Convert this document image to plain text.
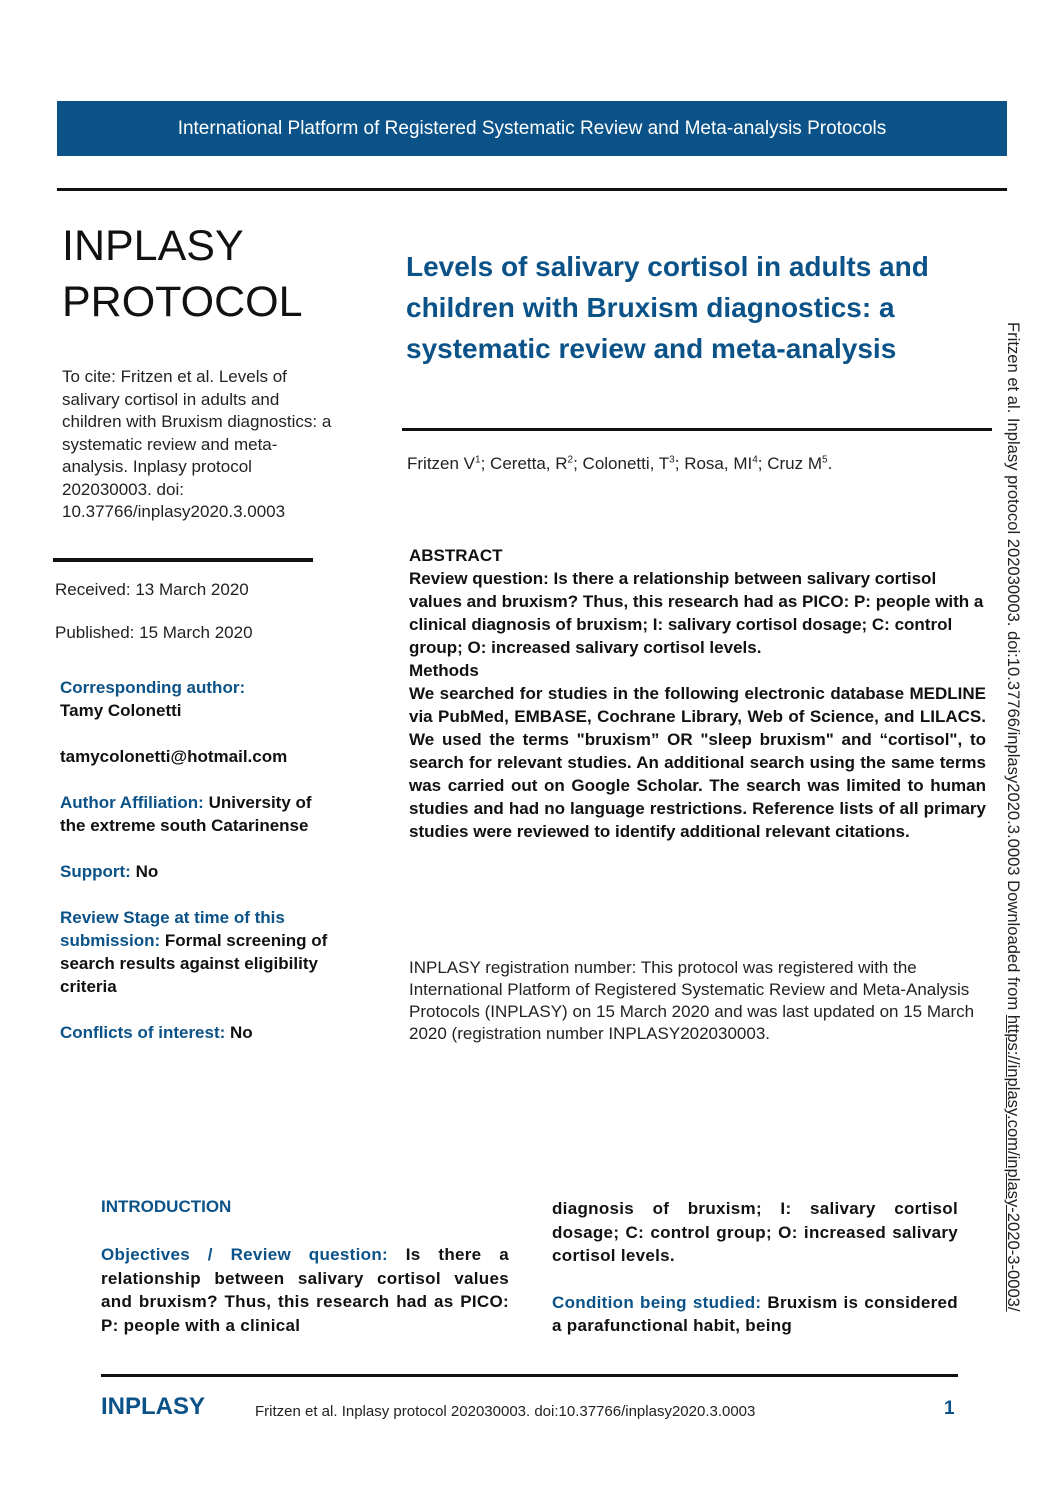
International Platform of Registered Systematic Review and Meta-analysis Protocols
INPLASY
PROTOCOL
To cite: Fritzen et al. Levels of salivary cortisol in adults and children with Bruxism diagnostics: a systematic review and meta-analysis. Inplasy protocol 202030003. doi: 10.37766/inplasy2020.3.0003
Received: 13 March 2020
Published: 15 March 2020
Corresponding author:
Tamy Colonetti
tamycolonetti@hotmail.com
Author Affiliation: University of the extreme south Catarinense
Support: No
Review Stage at time of this submission: Formal screening of search results against eligibility criteria
Conflicts of interest: No
Levels of salivary cortisol in adults and children with Bruxism diagnostics: a systematic review and meta-analysis
Fritzen $V^1$; Ceretta, $R^2$; Colonetti, $T^3$; Rosa, $MI^4$; Cruz $M^5$.
ABSTRACT
Review question: Is there a relationship between salivary cortisol values and bruxism? Thus, this research had as PICO: P: people with a clinical diagnosis of bruxism; I: salivary cortisol dosage; C: control group; O: increased salivary cortisol levels.
Methods
We searched for studies in the following electronic database MEDLINE via PubMed, EMBASE, Cochrane Library, Web of Science, and LILACS. We used the terms "bruxism” OR "sleep bruxism" and “cortisol", to search for relevant studies. An additional search using the same terms was carried out on Google Scholar. The search was limited to human studies and had no language restrictions. Reference lists of all primary studies were reviewed to identify additional relevant citations.
INPLASY registration number: This protocol was registered with the International Platform of Registered Systematic Review and Meta-Analysis Protocols (INPLASY) on 15 March 2020 and was last updated on 15 March 2020 (registration number INPLASY202030003.
INTRODUCTION
Objectives / Review question: Is there a relationship between salivary cortisol values and bruxism? Thus, this research had as PICO: P: people with a clinical

diagnosis of bruxism; I: salivary cortisol dosage; C: control group; O: increased salivary cortisol levels.

Condition being studied: Bruxism is considered a parafunctional habit, being

INPLASY	Fritzen et al. Inplasy protocol 202030003. doi:10.37766/inplasy2020.3.0003	1
Fritzen et al. Inplasy protocol 202030003. doi:10.37766/inplasy2020.3.0003 Downloaded from https://inplasy.com/inplasy-2020-3-0003/
